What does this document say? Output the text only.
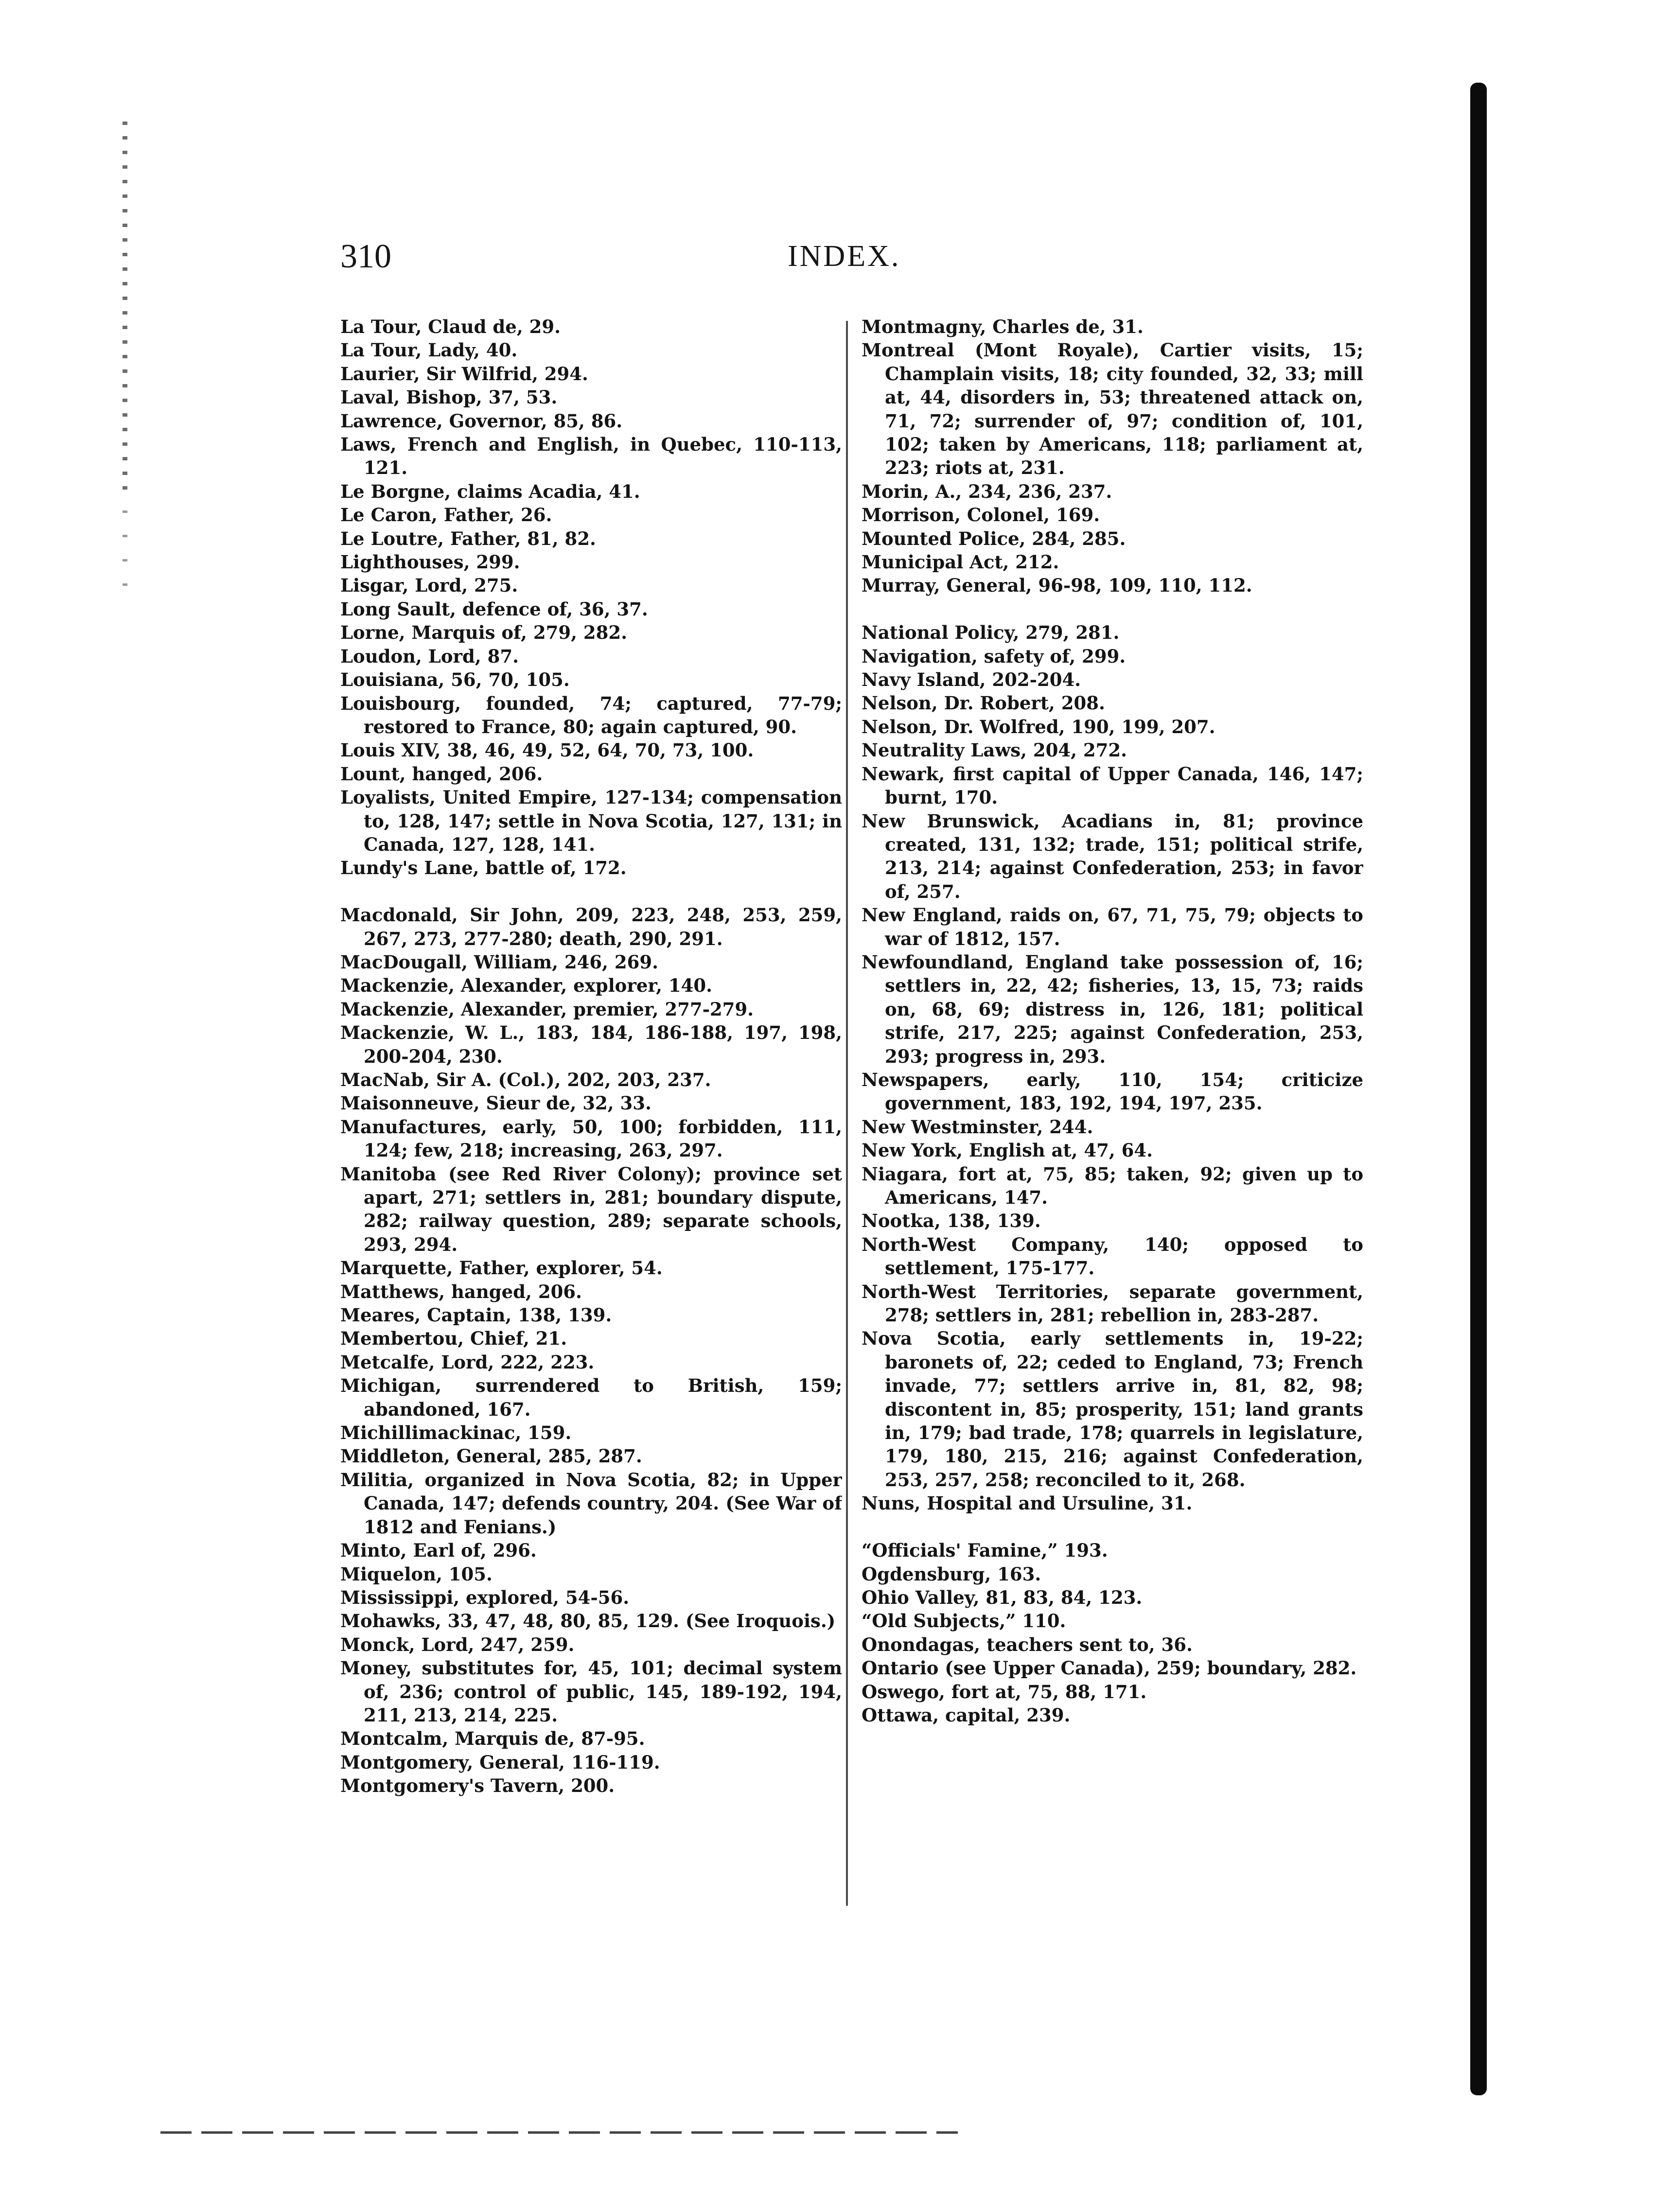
310	INDEX.
La Tour, Claud de, 29.
La Tour, Lady, 40.
Laurier, Sir Wilfrid, 294.
Laval, Bishop, 37, 53.
Lawrence, Governor, 85, 86.
Laws, French and English, in Quebec, 110-113, 121.
Le Borgne, claims Acadia, 41.
Le Caron, Father, 26.
Le Loutre, Father, 81, 82.
Lighthouses, 299.
Lisgar, Lord, 275.
Long Sault, defence of, 36, 37.
Lorne, Marquis of, 279, 282.
Loudon, Lord, 87.
Louisiana, 56, 70, 105.
Louisbourg, founded, 74; captured, 77-79; restored to France, 80; again captured, 90.
Louis XIV, 38, 46, 49, 52, 64, 70, 73, 100.
Lount, hanged, 206.
Loyalists, United Empire, 127-134; compensation to, 128, 147; settle in Nova Scotia, 127, 131; in Canada, 127, 128, 141.
Lundy's Lane, battle of, 172.
Macdonald, Sir John, 209, 223, 248, 253, 259, 267, 273, 277-280; death, 290, 291.
MacDougall, William, 246, 269.
Mackenzie, Alexander, explorer, 140.
Mackenzie, Alexander, premier, 277-279.
Mackenzie, W. L., 183, 184, 186-188, 197, 198, 200-204, 230.
MacNab, Sir A. (Col.), 202, 203, 237.
Maisonneuve, Sieur de, 32, 33.
Manufactures, early, 50, 100; forbidden, 111, 124; few, 218; increasing, 263, 297.
Manitoba (see Red River Colony); province set apart, 271; settlers in, 281; boundary dispute, 282; railway question, 289; separate schools, 293, 294.
Marquette, Father, explorer, 54.
Matthews, hanged, 206.
Meares, Captain, 138, 139.
Membertou, Chief, 21.
Metcalfe, Lord, 222, 223.
Michigan, surrendered to British, 159; abandoned, 167.
Michillimackinac, 159.
Middleton, General, 285, 287.
Militia, organized in Nova Scotia, 82; in Upper Canada, 147; defends country, 204. (See War of 1812 and Fenians.)
Minto, Earl of, 296.
Miquelon, 105.
Mississippi, explored, 54-56.
Mohawks, 33, 47, 48, 80, 85, 129. (See Iroquois.)
Monck, Lord, 247, 259.
Money, substitutes for, 45, 101; decimal system of, 236; control of public, 145, 189-192, 194, 211, 213, 214, 225.
Montcalm, Marquis de, 87-95.
Montgomery, General, 116-119.
Montgomery's Tavern, 200.
Montmagny, Charles de, 31.
Montreal (Mont Royale), Cartier visits, 15; Champlain visits, 18; city founded, 32, 33; mill at, 44, disorders in, 53; threatened attack on, 71, 72; surrender of, 97; condition of, 101, 102; taken by Americans, 118; parliament at, 223; riots at, 231.
Morin, A., 234, 236, 237.
Morrison, Colonel, 169.
Mounted Police, 284, 285.
Municipal Act, 212.
Murray, General, 96-98, 109, 110, 112.
National Policy, 279, 281.
Navigation, safety of, 299.
Navy Island, 202-204.
Nelson, Dr. Robert, 208.
Nelson, Dr. Wolfred, 190, 199, 207.
Neutrality Laws, 204, 272.
Newark, first capital of Upper Canada, 146, 147; burnt, 170.
New Brunswick, Acadians in, 81; province created, 131, 132; trade, 151; political strife, 213, 214; against Confederation, 253; in favor of, 257.
New England, raids on, 67, 71, 75, 79; objects to war of 1812, 157.
Newfoundland, England take possession of, 16; settlers in, 22, 42; fisheries, 13, 15, 73; raids on, 68, 69; distress in, 126, 181; political strife, 217, 225; against Confederation, 253, 293; progress in, 293.
Newspapers, early, 110, 154; criticize government, 183, 192, 194, 197, 235.
New Westminster, 244.
New York, English at, 47, 64.
Niagara, fort at, 75, 85; taken, 92; given up to Americans, 147.
Nootka, 138, 139.
North-West Company, 140; opposed to settlement, 175-177.
North-West Territories, separate government, 278; settlers in, 281; rebellion in, 283-287.
Nova Scotia, early settlements in, 19-22; baronets of, 22; ceded to England, 73; French invade, 77; settlers arrive in, 81, 82, 98; discontent in, 85; prosperity, 151; land grants in, 179; bad trade, 178; quarrels in legislature, 179, 180, 215, 216; against Confederation, 253, 257, 258; reconciled to it, 268.
Nuns, Hospital and Ursuline, 31.
“Officials' Famine,” 193.
Ogdensburg, 163.
Ohio Valley, 81, 83, 84, 123.
“Old Subjects,” 110.
Onondagas, teachers sent to, 36.
Ontario (see Upper Canada), 259; boundary, 282.
Oswego, fort at, 75, 88, 171.
Ottawa, capital, 239.
